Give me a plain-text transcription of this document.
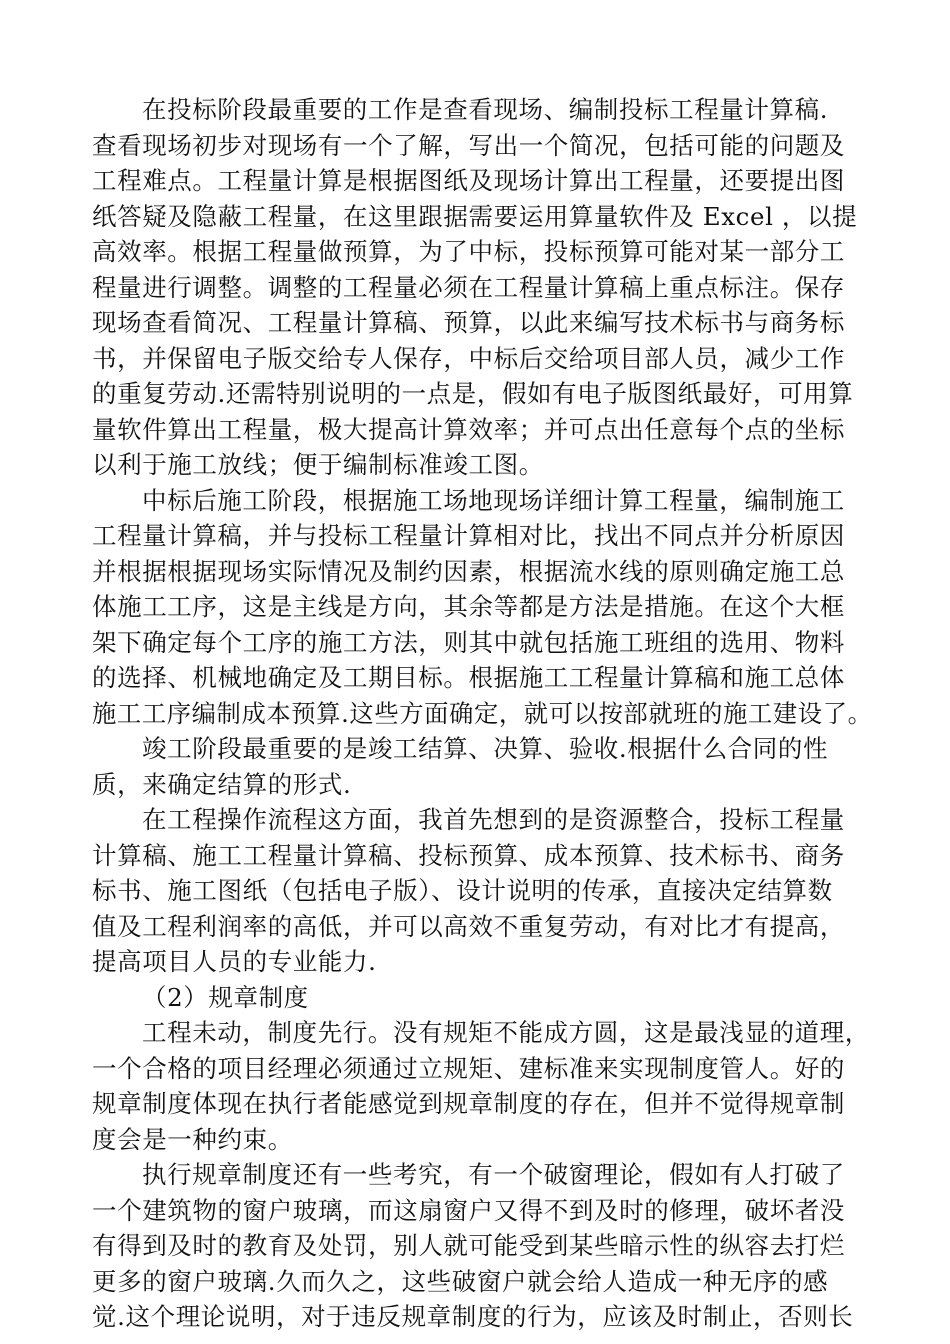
在投标阶段最重要的工作是查看现场、编制投标工程量计算稿.
查看现场初步对现场有一个了解，写出一个简况，包括可能的问题及
工程难点。工程量计算是根据图纸及现场计算出工程量，还要提出图
纸答疑及隐蔽工程量，在这里跟据需要运用算量软件及 Excel ，以提
高效率。根据工程量做预算，为了中标，投标预算可能对某一部分工
程量进行调整。调整的工程量必须在工程量计算稿上重点标注。保存
现场查看简况、工程量计算稿、预算，以此来编写技术标书与商务标
书，并保留电子版交给专人保存，中标后交给项目部人员，减少工作
的重复劳动.还需特别说明的一点是，假如有电子版图纸最好，可用算
量软件算出工程量，极大提高计算效率；并可点出任意每个点的坐标
以利于施工放线；便于编制标准竣工图。
中标后施工阶段，根据施工场地现场详细计算工程量，编制施工
工程量计算稿，并与投标工程量计算相对比，找出不同点并分析原因
并根据根据现场实际情况及制约因素，根据流水线的原则确定施工总
体施工工序，这是主线是方向，其余等都是方法是措施。在这个大框
架下确定每个工序的施工方法，则其中就包括施工班组的选用、物料
的选择、机械地确定及工期目标。根据施工工程量计算稿和施工总体
施工工序编制成本预算.这些方面确定，就可以按部就班的施工建设了。
竣工阶段最重要的是竣工结算、决算、验收.根据什么合同的性
质，来确定结算的形式.
在工程操作流程这方面，我首先想到的是资源整合，投标工程量
计算稿、施工工程量计算稿、投标预算、成本预算、技术标书、商务
标书、施工图纸（包括电子版）、设计说明的传承，直接决定结算数
值及工程利润率的高低，并可以高效不重复劳动，有对比才有提高，
提高项目人员的专业能力.
（2）规章制度
工程未动，制度先行。没有规矩不能成方圆，这是最浅显的道理，
一个合格的项目经理必须通过立规矩、建标准来实现制度管人。好的
规章制度体现在执行者能感觉到规章制度的存在，但并不觉得规章制
度会是一种约束。
执行规章制度还有一些考究，有一个破窗理论，假如有人打破了
一个建筑物的窗户玻璃，而这扇窗户又得不到及时的修理，破坏者没
有得到及时的教育及处罚，别人就可能受到某些暗示性的纵容去打烂
更多的窗户玻璃.久而久之，这些破窗户就会给人造成一种无序的感
觉.这个理论说明，对于违反规章制度的行为，应该及时制止，否则长
